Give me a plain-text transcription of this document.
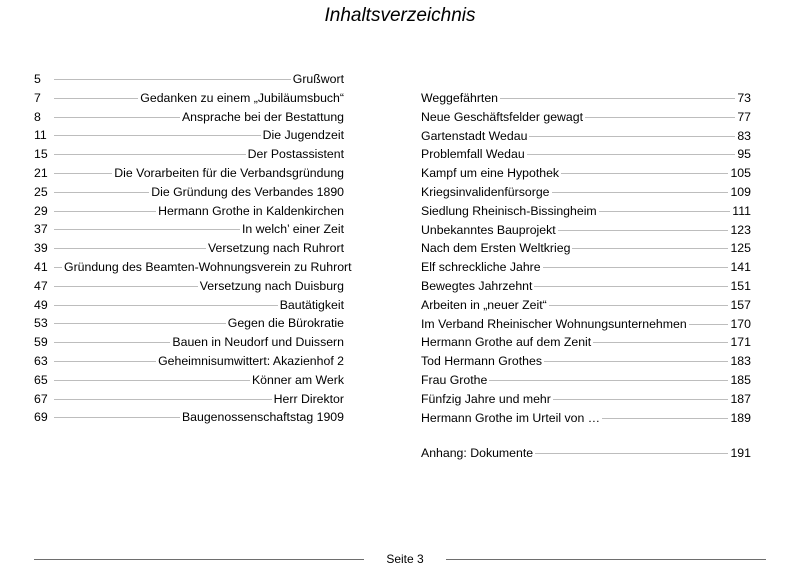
Inhaltsverzeichnis
5	Grußwort
7	Gedanken zu einem „Jubiläumsbuch“
8	Ansprache bei der Bestattung
11	Die Jugendzeit
15	Der Postassistent
21	Die Vorarbeiten für die Verbandsgründung
25	Die Gründung des Verbandes 1890
29	Hermann Grothe in Kaldenkirchen
37	In welch’ einer Zeit
39	Versetzung nach Ruhrort
41	Gründung des Beamten-Wohnungsverein zu Ruhrort
47	Versetzung nach Duisburg
49	Bautätigkeit
53	Gegen die Bürokratie
59	Bauen in Neudorf und Duissern
63	Geheimnisumwittert: Akazienhof 2
65	Könner am Werk
67	Herr Direktor
69	Baugenossenschaftstag 1909
Weggefährten	73
Neue Geschäftsfelder gewagt	77
Gartenstadt Wedau	83
Problemfall Wedau	95
Kampf um eine Hypothek	105
Kriegsinvalidenfürsorge	109
Siedlung Rheinisch-Bissingheim	111
Unbekanntes Bauprojekt	123
Nach dem Ersten Weltkrieg	125
Elf schreckliche Jahre	141
Bewegtes Jahrzehnt	151
Arbeiten in „neuer Zeit“	157
Im Verband Rheinischer Wohnungsunternehmen	170
Hermann Grothe auf dem Zenit	171
Tod Hermann Grothes	183
Frau Grothe	185
Fünfzig Jahre und mehr	187
Hermann Grothe im Urteil von …	189
Anhang: Dokumente	191
Seite 3
